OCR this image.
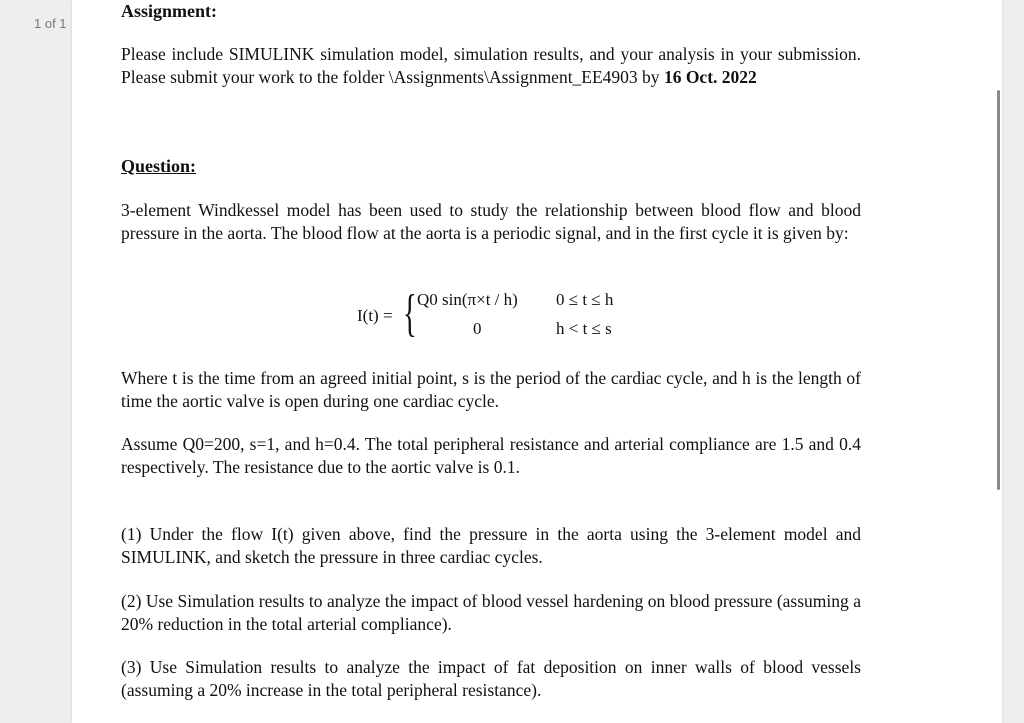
1 of 1

Assignment:

Please include SIMULINK simulation model, simulation results, and your analysis in your submission. Please submit your work to the folder \Assignments\Assignment_EE4903 by 16 Oct. 2022

Question:

3-element Windkessel model has been used to study the relationship between blood flow and blood pressure in the aorta. The blood flow at the aorta is a periodic signal, and in the first cycle it is given by:

I(t) = { Q0 sin(π×t / h) 0 ≤ t ≤ h
0	h < t ≤ s

Where t is the time from an agreed initial point, s is the period of the cardiac cycle, and h is the length of time the aortic valve is open during one cardiac cycle.

Assume Q0=200, s=1, and h=0.4. The total peripheral resistance and arterial compliance are 1.5 and 0.4 respectively. The resistance due to the aortic valve is 0.1.

(1) Under the flow I(t) given above, find the pressure in the aorta using the 3-element model and SIMULINK, and sketch the pressure in three cardiac cycles.

(2) Use Simulation results to analyze the impact of blood vessel hardening on blood pressure (assuming a 20% reduction in the total arterial compliance).

(3) Use Simulation results to analyze the impact of fat deposition on inner walls of blood vessels (assuming a 20% increase in the total peripheral resistance).
